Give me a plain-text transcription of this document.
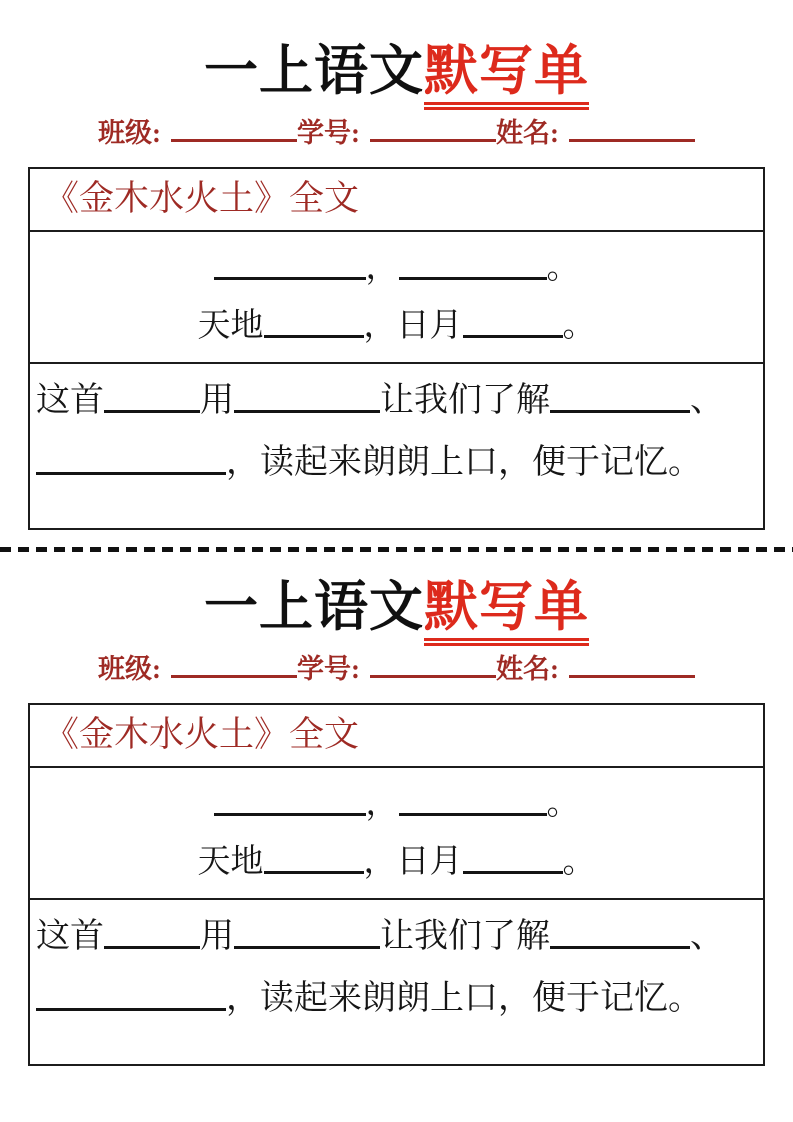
一上语文默写单
班级:	学号:	姓名:
《金木水火土》全文
，	。
天地	，日月	。
这首	用	让我们了解	、
，读起来朗朗上口，便于记忆。
一上语文默写单
班级:	学号:	姓名:
《金木水火土》全文
，	。
天地	，日月	。
这首	用	让我们了解	、
，读起来朗朗上口，便于记忆。
